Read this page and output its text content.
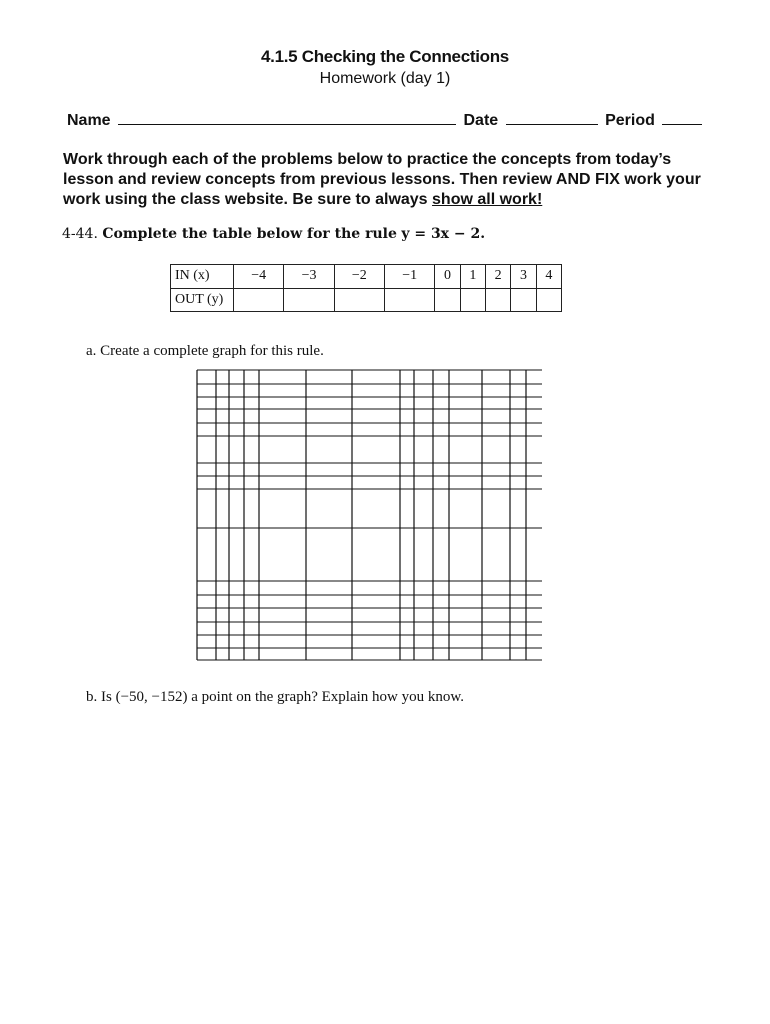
4.1.5 Checking the Connections
Homework (day 1)
Name	Date	Period
Work through each of the problems below to practice the concepts from today’s lesson and review concepts from previous lessons. Then review AND FIX work your work using the class website. Be sure to always show all work!
4-44. Complete the table below for the rule y = 3x − 2.
IN (x)	−4	−3	−2	−1	0	1	2	3	4
OUT (y)									
a. Create a complete graph for this rule.
b. Is (−50, −152) a point on the graph? Explain how you know.
